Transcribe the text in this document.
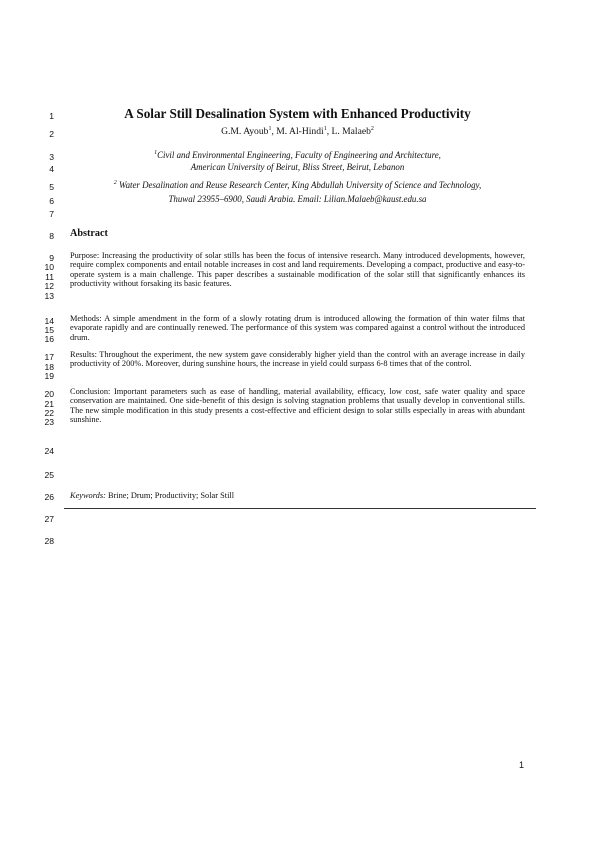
1
2
3
4
5
6
7
8
9
10
11
12
13
14
15
16
17
18
19
20
21
22
23
24
25
26
27
28
A Solar Still Desalination System with Enhanced Productivity
G.M. Ayoub$^1$, M. Al-Hindi$^1$, L. Malaeb$^2$
$^1$Civil and Environmental Engineering, Faculty of Engineering and Architecture,
American University of Beirut, Bliss Street, Beirut, Lebanon
$^2$ Water Desalination and Reuse Research Center, King Abdullah University of Science and Technology,
Thuwal 23955–6900, Saudi Arabia. Email: Lilian.Malaeb@kaust.edu.sa
Abstract
Purpose: Increasing the productivity of solar stills has been the focus of intensive research. Many introduced developments, however, require complex components and entail notable increases in cost and land requirements. Developing a compact, productive and easy-to-operate system is a main challenge. This paper describes a sustainable modification of the solar still that significantly enhances its productivity without forsaking its basic features.
Methods: A simple amendment in the form of a slowly rotating drum is introduced allowing the formation of thin water films that evaporate rapidly and are continually renewed. The performance of this system was compared against a control without the introduced drum.
Results: Throughout the experiment, the new system gave considerably higher yield than the control with an average increase in daily productivity of 200%. Moreover, during sunshine hours, the increase in yield could surpass 6-8 times that of the control.
Conclusion: Important parameters such as ease of handling, material availability, efficacy, low cost, safe water quality and space conservation are maintained. One side-benefit of this design is solving stagnation problems that usually develop in conventional stills. The new simple modification in this study presents a cost-effective and efficient design to solar stills especially in areas with abundant sunshine.
Keywords: Brine; Drum; Productivity; Solar Still
1
